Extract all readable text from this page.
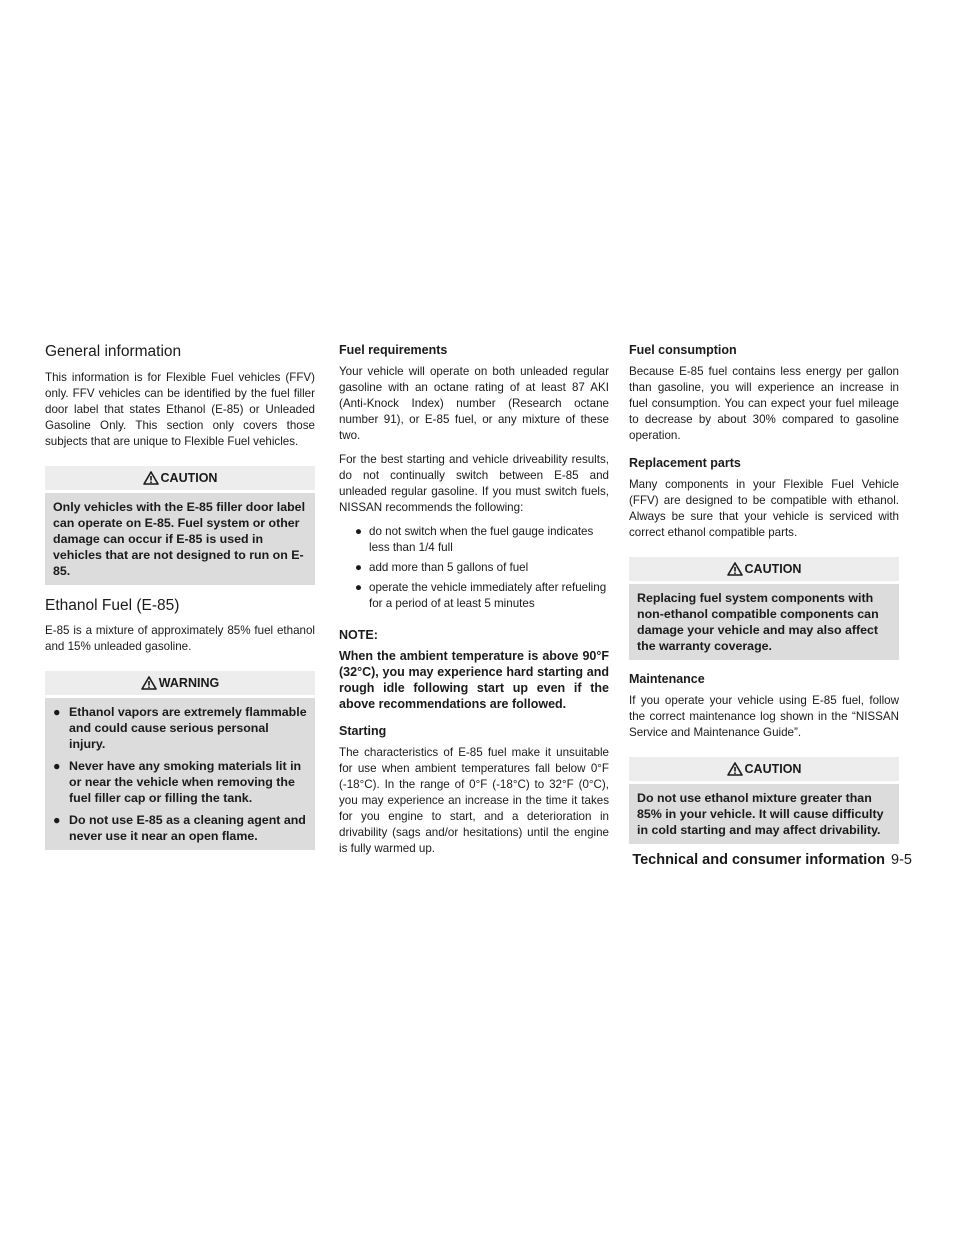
General information

This information is for Flexible Fuel vehicles (FFV) only. FFV vehicles can be identified by the fuel filler door label that states Ethanol (E-85) or Unleaded Gasoline Only. This section only covers those subjects that are unique to Flexible Fuel vehicles.

CAUTION
Only vehicles with the E-85 filler door label can operate on E-85. Fuel system or other damage can occur if E-85 is used in vehicles that are not designed to run on E-85.
Ethanol Fuel (E-85)

E-85 is a mixture of approximately 85% fuel ethanol and 15% unleaded gasoline.

WARNING
● Ethanol vapors are extremely flammable and could cause serious personal injury.
● Never have any smoking materials lit in or near the vehicle when removing the fuel filler cap or filling the tank.
● Do not use E-85 as a cleaning agent and never use it near an open flame.
Fuel requirements

Your vehicle will operate on both unleaded regular gasoline with an octane rating of at least 87 AKI (Anti-Knock Index) number (Research octane number 91), or E-85 fuel, or any mixture of these two.

For the best starting and vehicle driveability results, do not continually switch between E-85 and unleaded regular gasoline. If you must switch fuels, NISSAN recommends the following:

● do not switch when the fuel gauge indicates less than 1/4 full
● add more than 5 gallons of fuel
● operate the vehicle immediately after refueling for a period of at least 5 minutes
NOTE:
When the ambient temperature is above 90°F (32°C), you may experience hard starting and rough idle following start up even if the above recommendations are followed.
Starting

The characteristics of E-85 fuel make it unsuitable for use when ambient temperatures fall below 0°F (-18°C). In the range of 0°F (-18°C) to 32°F (0°C), you may experience an increase in the time it takes for you engine to start, and a deterioration in drivability (sags and/or hesitations) until the engine is fully warmed up.

Fuel consumption

Because E-85 fuel contains less energy per gallon than gasoline, you will experience an increase in fuel consumption. You can expect your fuel mileage to decrease by about 30% compared to gasoline operation.

Replacement parts

Many components in your Flexible Fuel Vehicle (FFV) are designed to be compatible with ethanol. Always be sure that your vehicle is serviced with correct ethanol compatible parts.

CAUTION
Replacing fuel system components with non-ethanol compatible components can damage your vehicle and may also affect the warranty coverage.
Maintenance

If you operate your vehicle using E-85 fuel, follow the correct maintenance log shown in the “NISSAN Service and Maintenance Guide”.

CAUTION
Do not use ethanol mixture greater than 85% in your vehicle. It will cause difficulty in cold starting and may affect drivability.
Technical and consumer information 9-5
